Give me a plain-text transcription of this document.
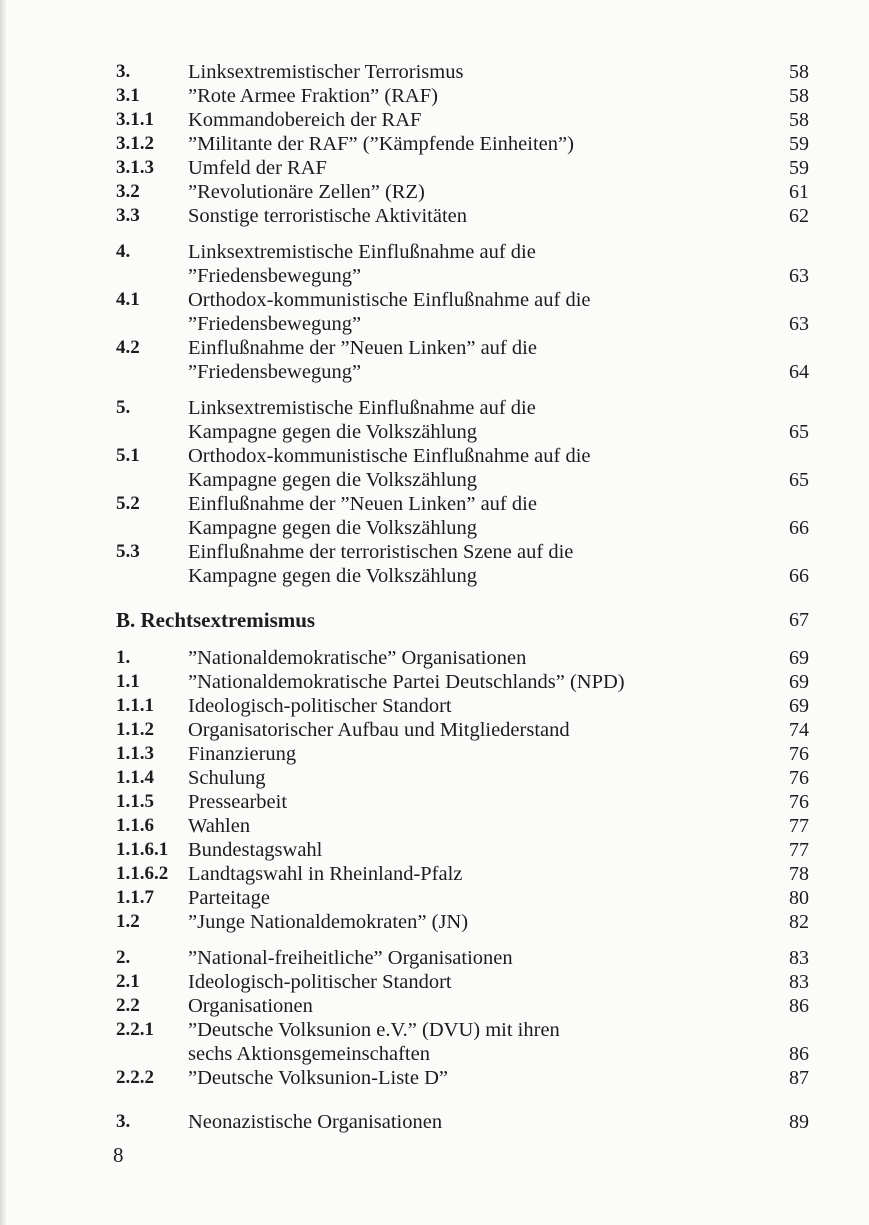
3.	Linksextremistischer Terrorismus	58
3.1 ”Rote Armee Fraktion” (RAF)	58
3.1.1 Kommandobereich der RAF	58
3.1.2 ”Militante der RAF” (”Kämpfende Einheiten”)	59
3.1.3 Umfeld der RAF	59
3.2 ”Revolutionäre Zellen” (RZ)	61
3.3 Sonstige terroristische Aktivitäten	62
4.	Linksextremistische Einflußnahme auf die
”Friedensbewegung”	63
4.1 Orthodox-kommunistische Einflußnahme auf die
”Friedensbewegung”	63
4.2 Einflußnahme der ”Neuen Linken” auf die
”Friedensbewegung”	64
5.	Linksextremistische Einflußnahme auf die
Kampagne gegen die Volkszählung	65
5.1 Orthodox-kommunistische Einflußnahme auf die
Kampagne gegen die Volkszählung	65
5.2 Einflußnahme der ”Neuen Linken” auf die
Kampagne gegen die Volkszählung	66
5.3 Einflußnahme der terroristischen Szene auf die
Kampagne gegen die Volkszählung	66
B. Rechtsextremismus	67
1.	”Nationaldemokratische” Organisationen	69
1.1 ”Nationaldemokratische Partei Deutschlands” (NPD)	69
1.1.1 Ideologisch-politischer Standort	69
1.1.2 Organisatorischer Aufbau und Mitgliederstand	74
1.1.3 Finanzierung	76
1.1.4 Schulung	76
1.1.5 Pressearbeit	76
1.1.6 Wahlen	77
1.1.6.1 Bundestagswahl	77
1.1.6.2 Landtagswahl in Rheinland-Pfalz	78
1.1.7 Parteitage	80
1.2 ”Junge Nationaldemokraten” (JN)	82
2.	”National-freiheitliche” Organisationen	83
2.1 Ideologisch-politischer Standort	83
2.2 Organisationen	86
2.2.1 ”Deutsche Volksunion e.V.” (DVU) mit ihren
sechs Aktionsgemeinschaften	86
2.2.2 ”Deutsche Volksunion-Liste D”	87
3.	Neonazistische Organisationen	89
8
